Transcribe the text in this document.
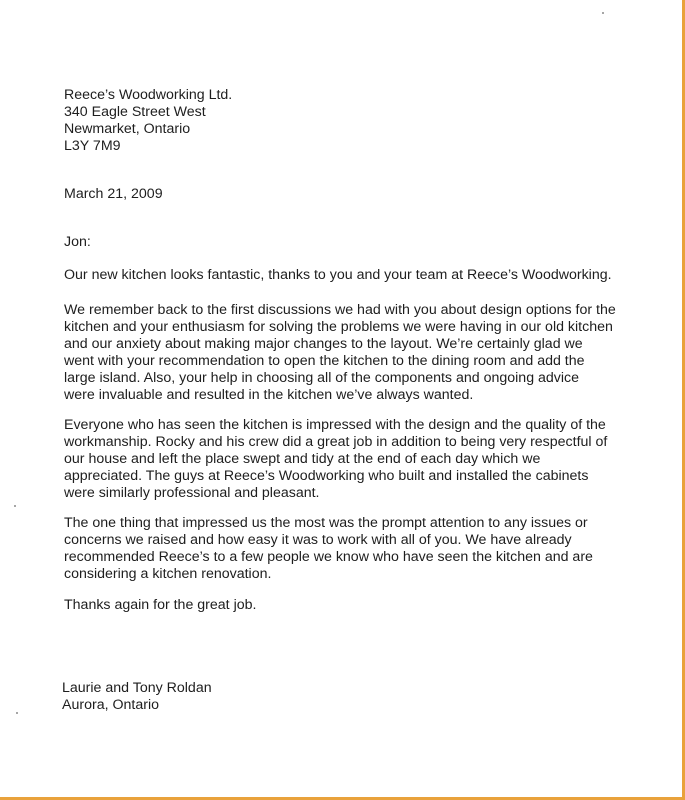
Reece’s Woodworking Ltd.
340 Eagle Street West
Newmarket, Ontario
L3Y 7M9
March 21, 2009
Jon:
Our new kitchen looks fantastic, thanks to you and your team at Reece’s Woodworking.
We remember back to the first discussions we had with you about design options for the
kitchen and your enthusiasm for solving the problems we were having in our old kitchen
and our anxiety about making major changes to the layout. We’re certainly glad we
went with your recommendation to open the kitchen to the dining room and add the
large island. Also, your help in choosing all of the components and ongoing advice
were invaluable and resulted in the kitchen we’ve always wanted.
Everyone who has seen the kitchen is impressed with the design and the quality of the
workmanship. Rocky and his crew did a great job in addition to being very respectful of
our house and left the place swept and tidy at the end of each day which we
appreciated. The guys at Reece’s Woodworking who built and installed the cabinets
were similarly professional and pleasant.
The one thing that impressed us the most was the prompt attention to any issues or
concerns we raised and how easy it was to work with all of you. We have already
recommended Reece’s to a few people we know who have seen the kitchen and are
considering a kitchen renovation.
Thanks again for the great job.
Laurie and Tony Roldan
Aurora, Ontario
